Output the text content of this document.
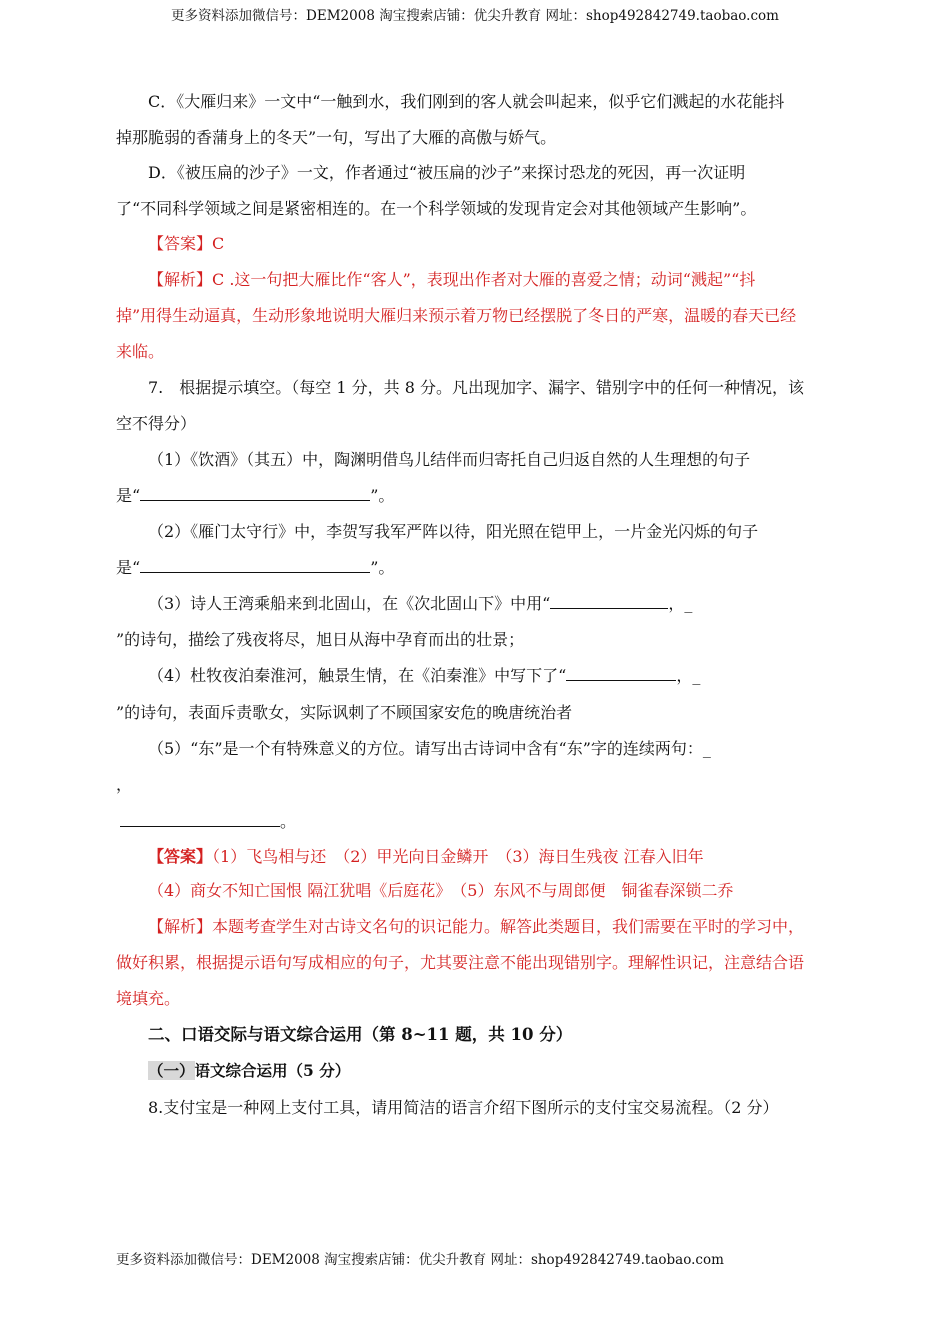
更多资料添加微信号：DEM2008 淘宝搜索店铺：优尖升教育 网址：shop492842749.taobao.com
C．《大雁归来》一文中“一触到水，我们刚到的客人就会叫起来，似乎它们溅起的水花能抖
掉那脆弱的香蒲身上的冬天”一句，写出了大雁的高傲与娇气。
D．《被压扁的沙子》一文，作者通过“被压扁的沙子”来探讨恐龙的死因，再一次证明
了“不同科学领域之间是紧密相连的。在一个科学领域的发现肯定会对其他领域产生影响”。
【答案】C
【解析】C .这一句把大雁比作“客人”，表现出作者对大雁的喜爱之情；动词“溅起”“抖
掉”用得生动逼真，生动形象地说明大雁归来预示着万物已经摆脱了冬日的严寒，温暖的春天已经
来临。
7.　根据提示填空。（每空 1 分，共 8 分。凡出现加字、漏字、错别字中的任何一种情况，该
空不得分）
（1）《饮酒》（其五）中，陶渊明借鸟儿结伴而归寄托自己归返自然的人生理想的句子
是“	”。
（2）《雁门太守行》中，李贺写我军严阵以待，阳光照在铠甲上，一片金光闪烁的句子
是“	”。
（3）诗人王湾乘船来到北固山，在《次北固山下》中用“	，_
”的诗句，描绘了残夜将尽，旭日从海中孕育而出的壮景；
（4）杜牧夜泊秦淮河，触景生情，在《泊秦淮》中写下了“	，_
”的诗句，表面斥责歌女，实际讽刺了不顾国家安危的晚唐统治者
（5）“东”是一个有特殊意义的方位。请写出古诗词中含有“东”字的连续两句：_
，
。
【答案】（1）飞鸟相与还　（2）甲光向日金鳞开　（3）海日生残夜 江春入旧年
（4）商女不知亡国恨 隔江犹唱《后庭花》　（5）东风不与周郎便　铜雀春深锁二乔
【解析】本题考查学生对古诗文名句的识记能力。解答此类题目，我们需要在平时的学习中，
做好积累，根据提示语句写成相应的句子，尤其要注意不能出现错别字。理解性识记，注意结合语
境填充。
二、口语交际与语文综合运用（第 8~11 题，共 10 分）
（一）语文综合运用（5 分）
8.支付宝是一种网上支付工具，请用简洁的语言介绍下图所示的支付宝交易流程。（2 分）
更多资料添加微信号：DEM2008 淘宝搜索店铺：优尖升教育 网址：shop492842749.taobao.com
